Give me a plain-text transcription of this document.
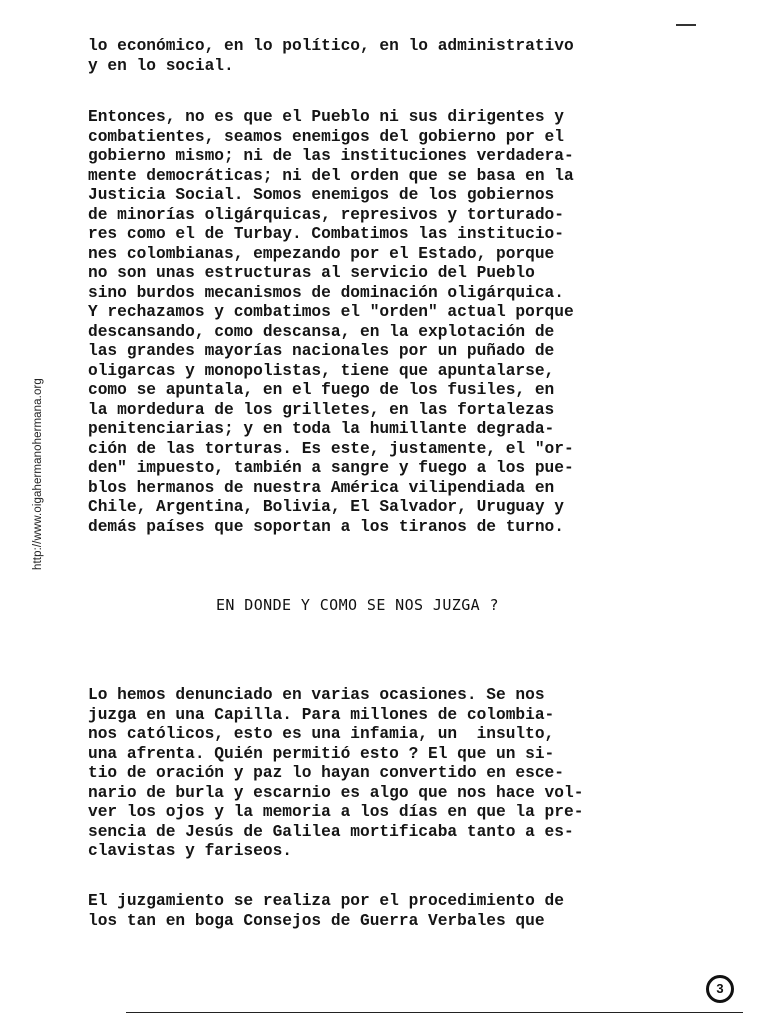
http://www.oigahermanohermana.org
lo económico, en lo político, en lo administrativo
y en lo social.
Entonces, no es que el Pueblo ni sus dirigentes y
combatientes, seamos enemigos del gobierno por el
gobierno mismo; ni de las instituciones verdadera-
mente democráticas; ni del orden que se basa en la
Justicia Social. Somos enemigos de los gobiernos
de minorías oligárquicas, represivos y torturado-
res como el de Turbay. Combatimos las institucio-
nes colombianas, empezando por el Estado, porque
no son unas estructuras al servicio del Pueblo
sino burdos mecanismos de dominación oligárquica.
Y rechazamos y combatimos el "orden" actual porque
descansando, como descansa, en la explotación de
las grandes mayorías nacionales por un puñado de
oligarcas y monopolistas, tiene que apuntalarse,
como se apuntala, en el fuego de los fusiles, en
la mordedura de los grilletes, en las fortalezas
penitenciarias; y en toda la humillante degrada-
ción de las torturas. Es este, justamente, el "or-
den" impuesto, también a sangre y fuego a los pue-
blos hermanos de nuestra América vilipendiada en
Chile, Argentina, Bolivia, El Salvador, Uruguay y
demás países que soportan a los tiranos de turno.
EN DONDE Y COMO SE NOS JUZGA ?
Lo hemos denunciado en varias ocasiones. Se nos
juzga en una Capilla. Para millones de colombia-
nos católicos, esto es una infamia, un  insulto,
una afrenta. Quién permitió esto ? El que un si-
tio de oración y paz lo hayan convertido en esce-
nario de burla y escarnio es algo que nos hace vol-
ver los ojos y la memoria a los días en que la pre-
sencia de Jesús de Galilea mortificaba tanto a es-
clavistas y fariseos.
El juzgamiento se realiza por el procedimiento de
los tan en boga Consejos de Guerra Verbales que
3
